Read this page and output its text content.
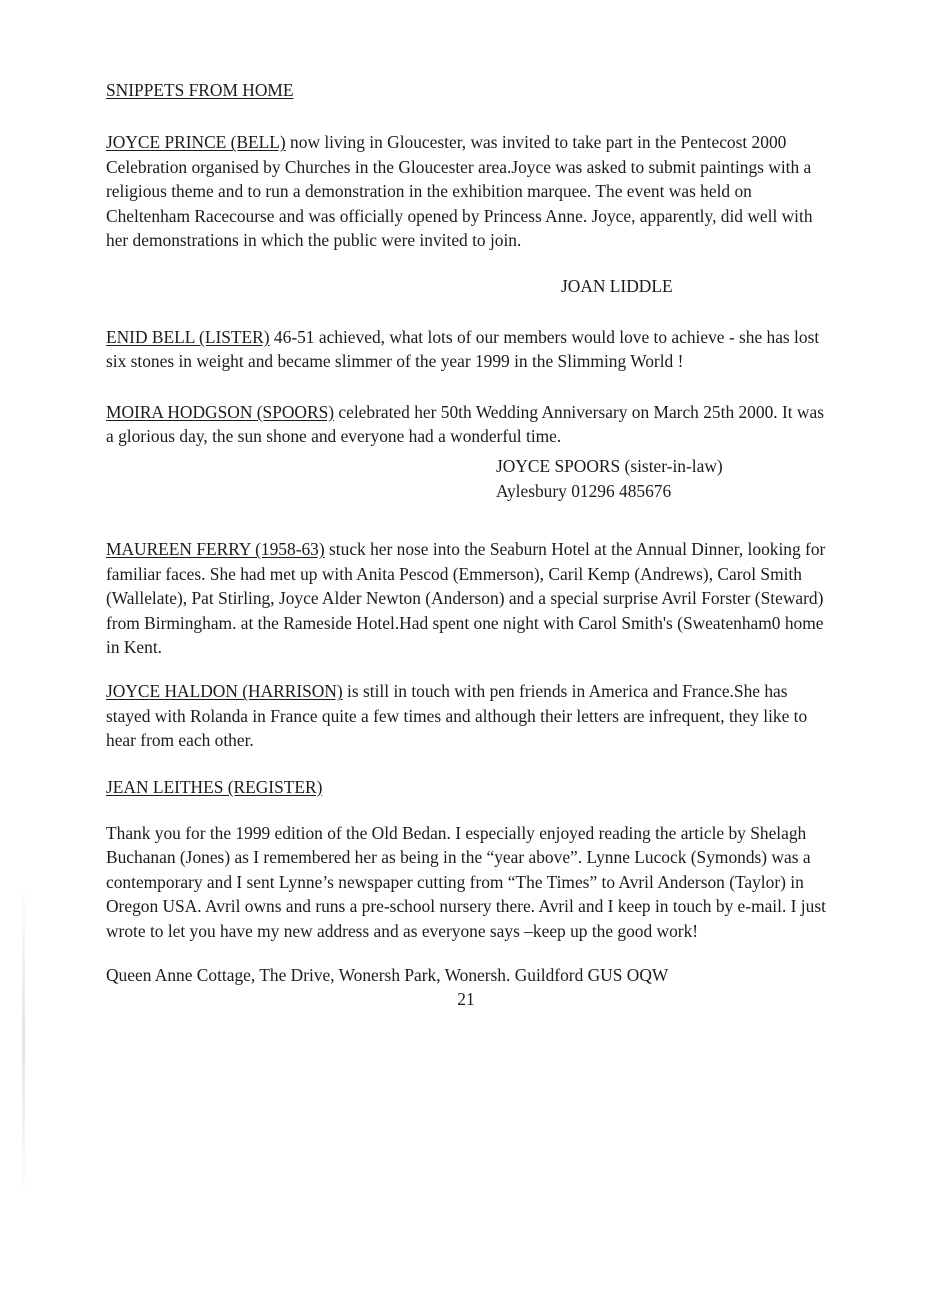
SNIPPETS FROM HOME

JOYCE PRINCE (BELL) now living in Gloucester, was invited to take part in the Pentecost 2000 Celebration organised by Churches in the Gloucester area.Joyce was asked to submit paintings with a religious theme and to run a demonstration in the exhibition marquee. The event was held on Cheltenham Racecourse and was officially opened by Princess Anne. Joyce, apparently, did well with her demonstrations in which the public were invited to join.

JOAN LIDDLE

ENID BELL (LISTER) 46-51 achieved, what lots of our members would love to achieve - she has lost six stones in weight and became slimmer of the year 1999 in the Slimming World !

MOIRA HODGSON (SPOORS) celebrated her 50th Wedding Anniversary on March 25th 2000. It was a glorious day, the sun shone and everyone had a wonderful time.

JOYCE SPOORS (sister-in-law)

Aylesbury 01296 485676

MAUREEN FERRY (1958-63) stuck her nose into the Seaburn Hotel at the Annual Dinner, looking for familiar faces. She had met up with Anita Pescod (Emmerson), Caril Kemp (Andrews), Carol Smith (Wallelate), Pat Stirling, Joyce Alder Newton (Anderson) and a special surprise Avril Forster (Steward) from Birmingham. at the Rameside Hotel.Had spent one night with Carol Smith's (Sweatenham0 home in Kent.

JOYCE HALDON (HARRISON) is still in touch with pen friends in America and France.She has stayed with Rolanda in France quite a few times and although their letters are infrequent, they like to hear from each other.

JEAN LEITHES (REGISTER)

Thank you for the 1999 edition of the Old Bedan. I especially enjoyed reading the article by Shelagh Buchanan (Jones) as I remembered her as being in the “year above”. Lynne Lucock (Symonds) was a contemporary and I sent Lynne’s newspaper cutting from “The Times” to Avril Anderson (Taylor) in Oregon USA. Avril owns and runs a pre-school nursery there. Avril and I keep in touch by e-mail. I just wrote to let you have my new address and as everyone says –keep up the good work!

Queen Anne Cottage, The Drive, Wonersh Park, Wonersh. Guildford GUS OQW

21
